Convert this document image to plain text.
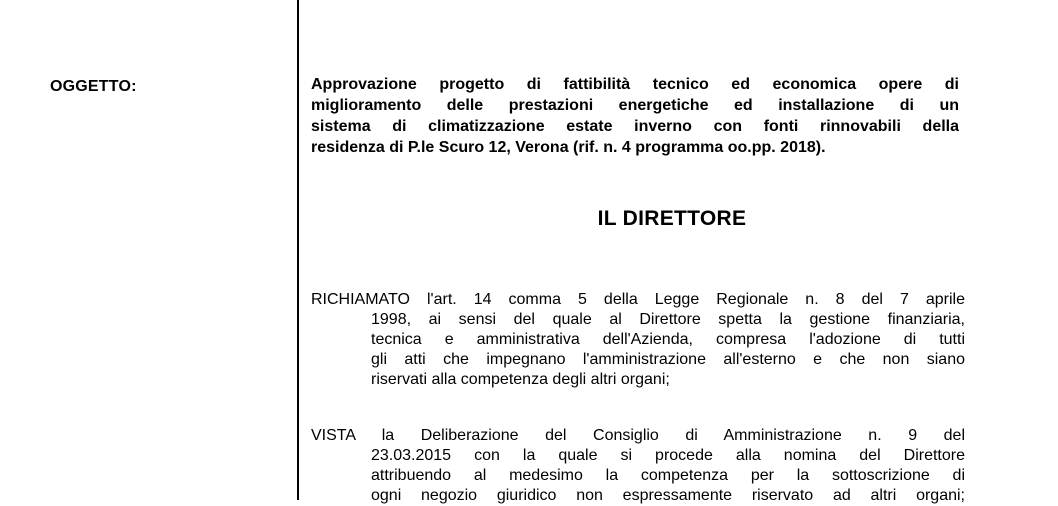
OGGETTO:	Approvazione progetto di fattibilità tecnico ed economica opere di
miglioramento delle prestazioni energetiche ed installazione di un
sistema di climatizzazione estate inverno con fonti rinnovabili della
residenza di P.le Scuro 12, Verona (rif. n. 4 programma oo.pp. 2018).
IL DIRETTORE
RICHIAMATO l'art. 14 comma 5 della Legge Regionale n. 8 del 7 aprile
1998, ai sensi del quale al Direttore spetta la gestione finanziaria,
tecnica e amministrativa dell'Azienda, compresa l'adozione di tutti
gli atti che impegnano l'amministrazione all'esterno e che non siano
riservati alla competenza degli altri organi;
VISTA la Deliberazione del Consiglio di Amministrazione n. 9 del
23.03.2015 con la quale si procede alla nomina del Direttore
attribuendo al medesimo la competenza per la sottoscrizione di
ogni negozio giuridico non espressamente riservato ad altri organi;
